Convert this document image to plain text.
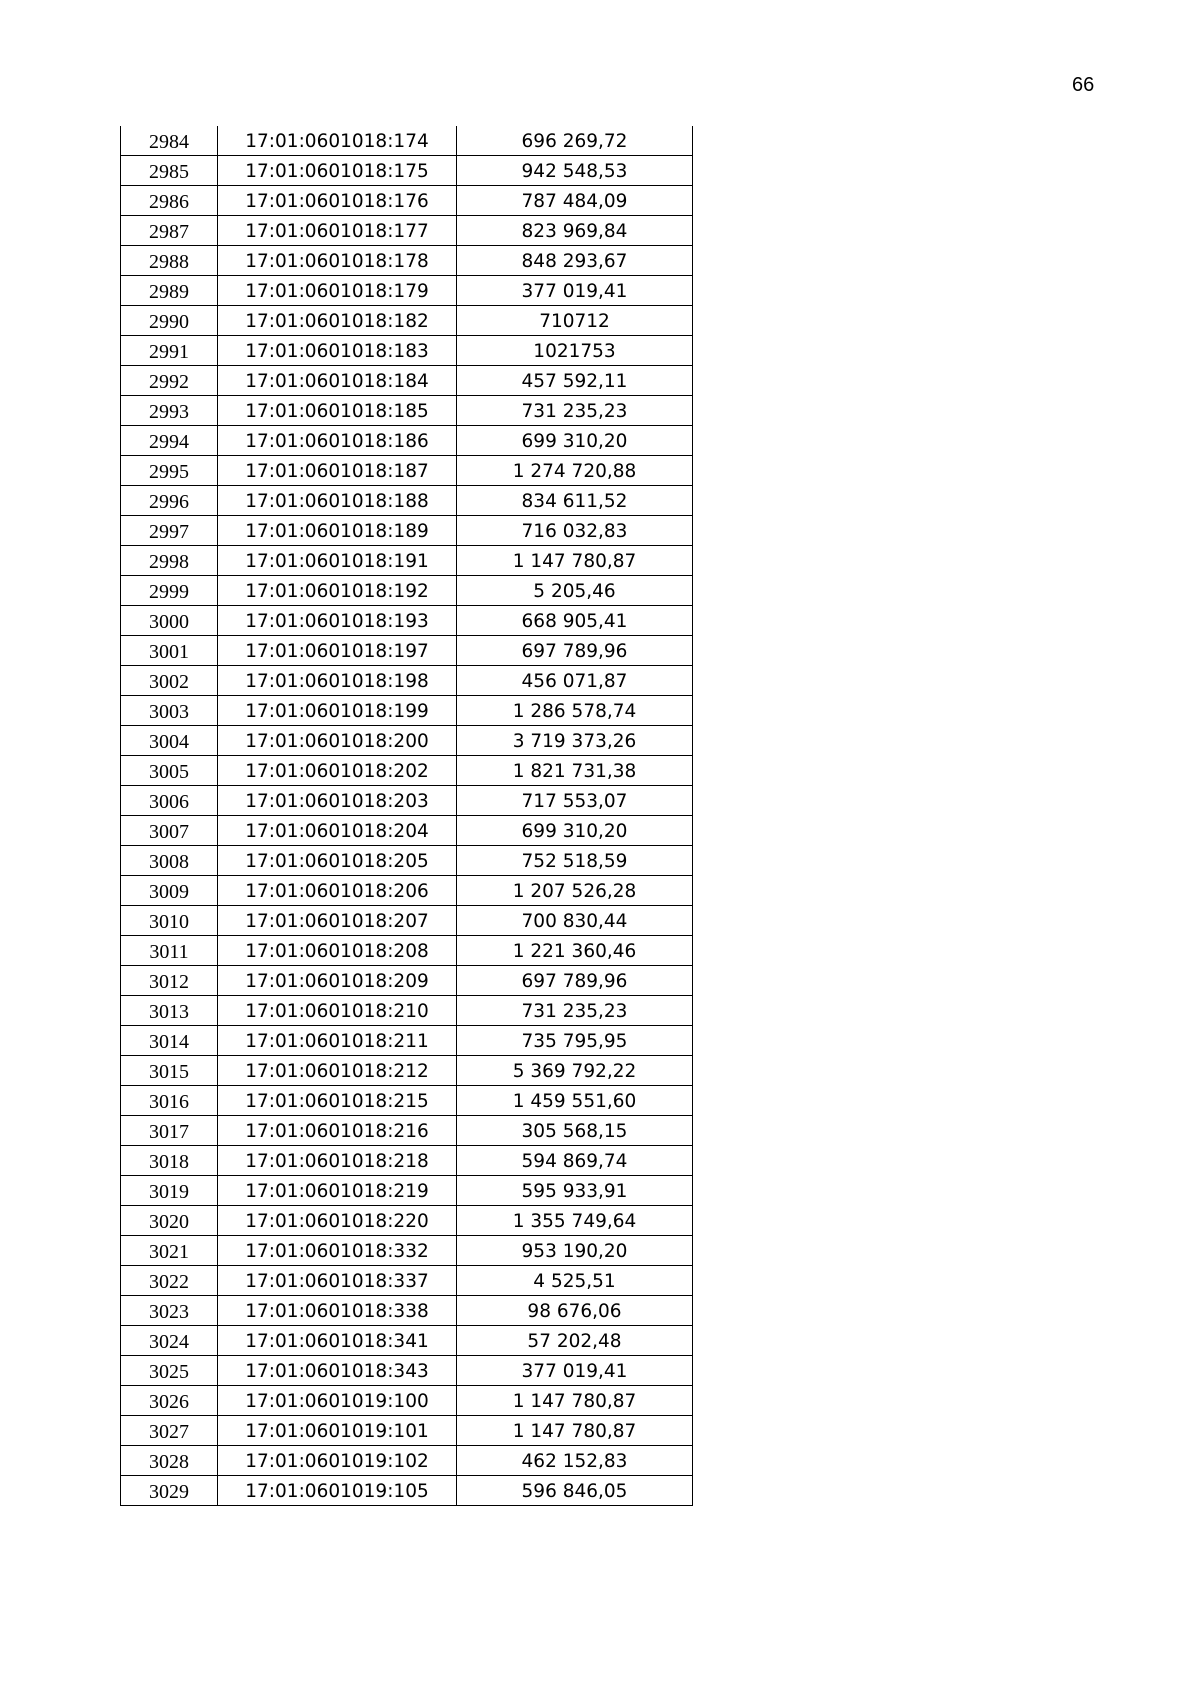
66
2984	17:01:0601018:174	696 269,72
2985	17:01:0601018:175	942 548,53
2986	17:01:0601018:176	787 484,09
2987	17:01:0601018:177	823 969,84
2988	17:01:0601018:178	848 293,67
2989	17:01:0601018:179	377 019,41
2990	17:01:0601018:182	710712
2991	17:01:0601018:183	1021753
2992	17:01:0601018:184	457 592,11
2993	17:01:0601018:185	731 235,23
2994	17:01:0601018:186	699 310,20
2995	17:01:0601018:187	1 274 720,88
2996	17:01:0601018:188	834 611,52
2997	17:01:0601018:189	716 032,83
2998	17:01:0601018:191	1 147 780,87
2999	17:01:0601018:192	5 205,46
3000	17:01:0601018:193	668 905,41
3001	17:01:0601018:197	697 789,96
3002	17:01:0601018:198	456 071,87
3003	17:01:0601018:199	1 286 578,74
3004	17:01:0601018:200	3 719 373,26
3005	17:01:0601018:202	1 821 731,38
3006	17:01:0601018:203	717 553,07
3007	17:01:0601018:204	699 310,20
3008	17:01:0601018:205	752 518,59
3009	17:01:0601018:206	1 207 526,28
3010	17:01:0601018:207	700 830,44
3011	17:01:0601018:208	1 221 360,46
3012	17:01:0601018:209	697 789,96
3013	17:01:0601018:210	731 235,23
3014	17:01:0601018:211	735 795,95
3015	17:01:0601018:212	5 369 792,22
3016	17:01:0601018:215	1 459 551,60
3017	17:01:0601018:216	305 568,15
3018	17:01:0601018:218	594 869,74
3019	17:01:0601018:219	595 933,91
3020	17:01:0601018:220	1 355 749,64
3021	17:01:0601018:332	953 190,20
3022	17:01:0601018:337	4 525,51
3023	17:01:0601018:338	98 676,06
3024	17:01:0601018:341	57 202,48
3025	17:01:0601018:343	377 019,41
3026	17:01:0601019:100	1 147 780,87
3027	17:01:0601019:101	1 147 780,87
3028	17:01:0601019:102	462 152,83
3029	17:01:0601019:105	596 846,05
